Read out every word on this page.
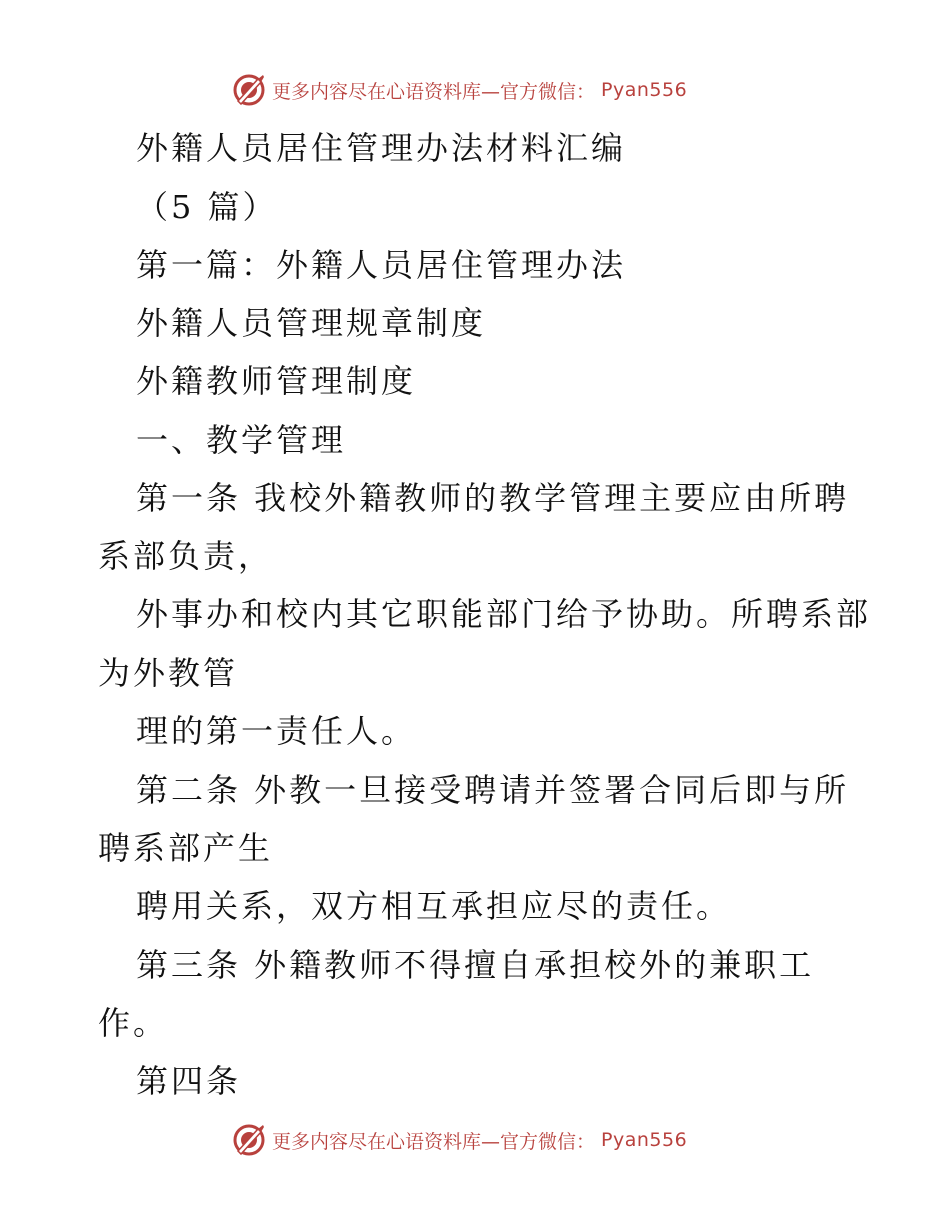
更多内容尽在心语资料库—官方微信： Pyan556
外籍人员居住管理办法材料汇编
（5 篇）
第一篇：外籍人员居住管理办法
外籍人员管理规章制度
外籍教师管理制度
一、教学管理
第一条 我校外籍教师的教学管理主要应由所聘
系部负责，
外事办和校内其它职能部门给予协助。所聘系部
为外教管
理的第一责任人。
第二条 外教一旦接受聘请并签署合同后即与所
聘系部产生
聘用关系，双方相互承担应尽的责任。
第三条 外籍教师不得擅自承担校外的兼职工
作。
第四条
更多内容尽在心语资料库—官方微信： Pyan556
